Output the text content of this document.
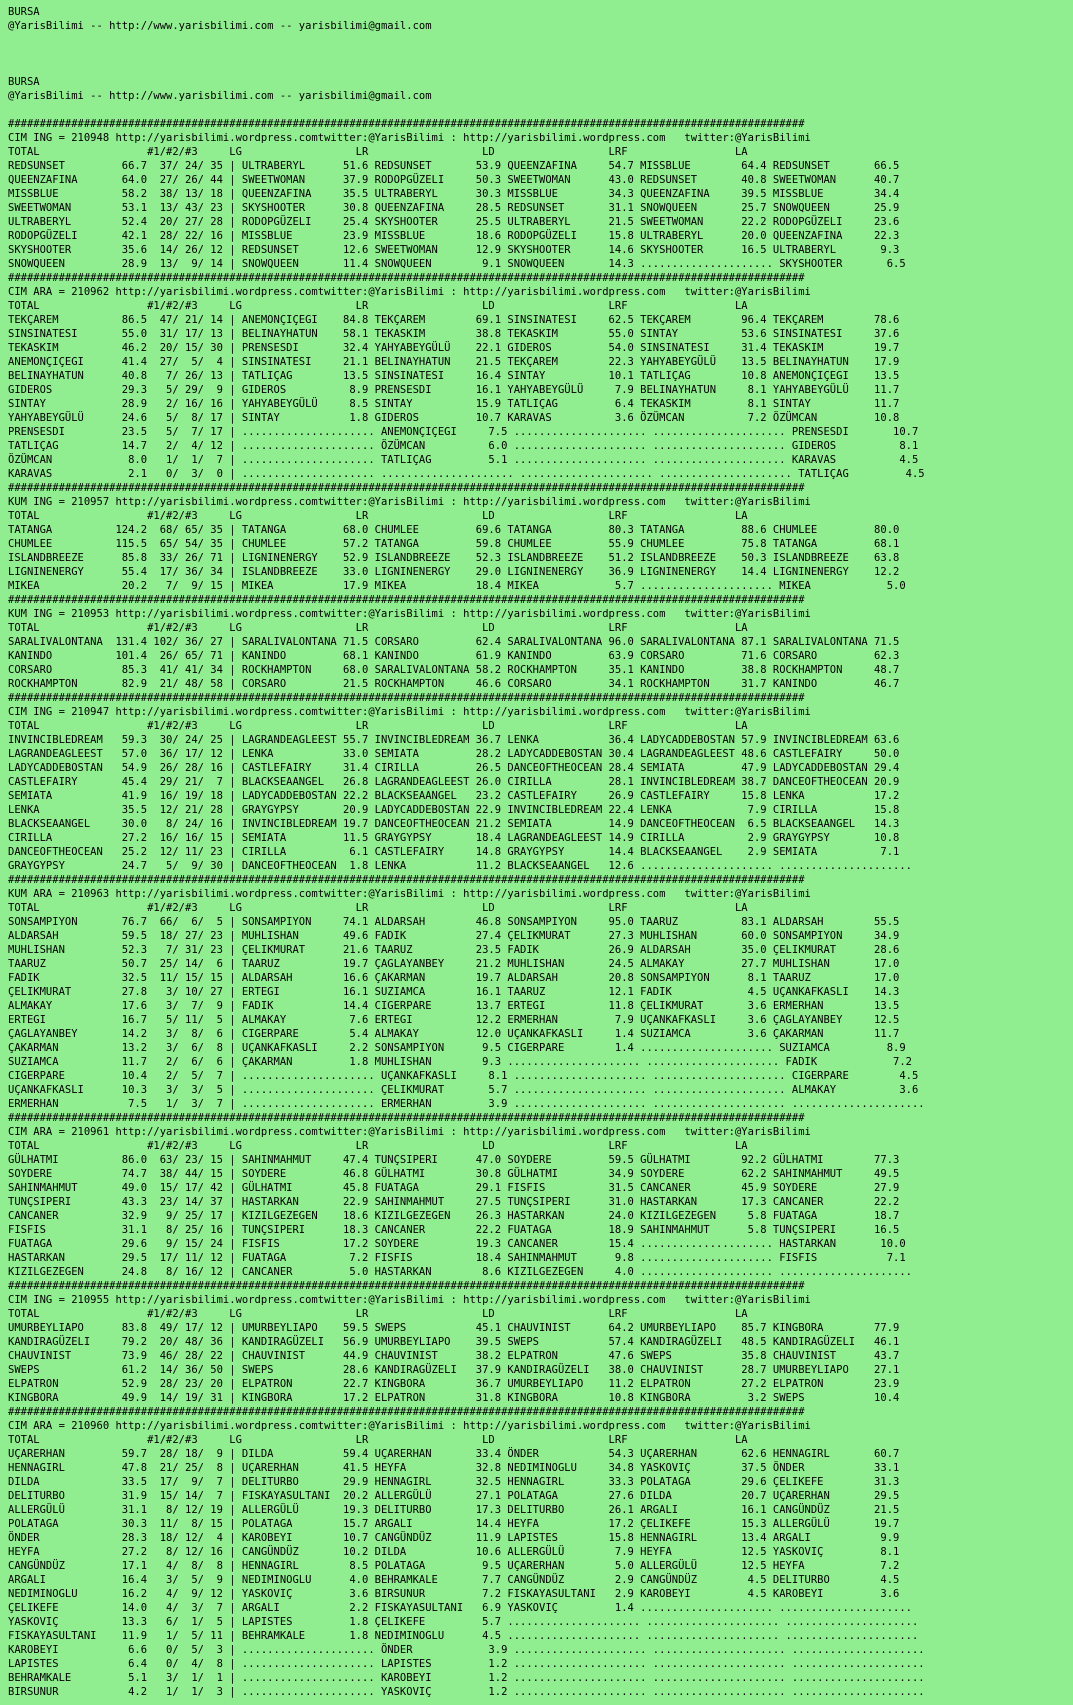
BURSA
@YarisBilimi -- http://www.yarisbilimi.com -- yarisbilimi@gmail.com
BURSA
@YarisBilimi -- http://www.yarisbilimi.com -- yarisbilimi@gmail.com
##############################################################################################################################
CIM ING = 210948 http://yarisbilimi.wordpress.comtwitter:@YarisBilimi : http://yarisbilimi.wordpress.com   twitter:@YarisBilimi
TOTAL                 #1/#2/#3     LG                  LR                  LD                  LRF                 LA
REDSUNSET         66.7  37/ 24/ 35 | ULTRABERYL      51.6 REDSUNSET       53.9 QUEENZAFINA     54.7 MISSBLUE        64.4 REDSUNSET       66.5
QUEENZAFINA       64.0  27/ 26/ 44 | SWEETWOMAN      37.9 RODOPGÜZELI     50.3 SWEETWOMAN      43.0 REDSUNSET       40.8 SWEETWOMAN      40.7
MISSBLUE          58.2  38/ 13/ 18 | QUEENZAFINA     35.5 ULTRABERYL      30.3 MISSBLUE        34.3 QUEENZAFINA     39.5 MISSBLUE        34.4
SWEETWOMAN        53.1  13/ 43/ 23 | SKYSHOOTER      30.8 QUEENZAFINA     28.5 REDSUNSET       31.1 SNOWQUEEN       25.7 SNOWQUEEN       25.9
ULTRABERYL        52.4  20/ 27/ 28 | RODOPGÜZELI     25.4 SKYSHOOTER      25.5 ULTRABERYL      21.5 SWEETWOMAN      22.2 RODOPGÜZELI     23.6
RODOPGÜZELI       42.1  28/ 22/ 16 | MISSBLUE        23.9 MISSBLUE        18.6 RODOPGÜZELI     15.8 ULTRABERYL      20.0 QUEENZAFINA     22.3
SKYSHOOTER        35.6  14/ 26/ 12 | REDSUNSET       12.6 SWEETWOMAN      12.9 SKYSHOOTER      14.6 SKYSHOOTER      16.5 ULTRABERYL       9.3
SNOWQUEEN         28.9  13/  9/ 14 | SNOWQUEEN       11.4 SNOWQUEEN        9.1 SNOWQUEEN       14.3 ..................... SKYSHOOTER       6.5
##############################################################################################################################
CIM ARA = 210962 http://yarisbilimi.wordpress.comtwitter:@YarisBilimi : http://yarisbilimi.wordpress.com   twitter:@YarisBilimi
TOTAL                 #1/#2/#3     LG                  LR                  LD                  LRF                 LA
TEKÇAREM          86.5  47/ 21/ 14 | ANEMONÇIÇEGI    84.8 TEKÇAREM        69.1 SINSINATESI     62.5 TEKÇAREM        96.4 TEKÇAREM        78.6
SINSINATESI       55.0  31/ 17/ 13 | BELINAYHATUN    58.1 TEKASKIM        38.8 TEKASKIM        55.0 SINTAY          53.6 SINSINATESI     37.6
TEKASKIM          46.2  20/ 15/ 30 | PRENSESDI       32.4 YAHYABEYGÜLÜ    22.1 GIDEROS         54.0 SINSINATESI     31.4 TEKASKIM        19.7
ANEMONÇIÇEGI      41.4  27/  5/  4 | SINSINATESI     21.1 BELINAYHATUN    21.5 TEKÇAREM        22.3 YAHYABEYGÜLÜ    13.5 BELINAYHATUN    17.9
BELINAYHATUN      40.8   7/ 26/ 13 | TATLIÇAG        13.5 SINSINATESI     16.4 SINTAY          10.1 TATLIÇAG        10.8 ANEMONÇIÇEGI    13.5
GIDEROS           29.3   5/ 29/  9 | GIDEROS          8.9 PRENSESDI       16.1 YAHYABEYGÜLÜ     7.9 BELINAYHATUN     8.1 YAHYABEYGÜLÜ    11.7
SINTAY            28.9   2/ 16/ 16 | YAHYABEYGÜLÜ     8.5 SINTAY          15.9 TATLIÇAG         6.4 TEKASKIM         8.1 SINTAY          11.7
YAHYABEYGÜLÜ      24.6   5/  8/ 17 | SINTAY           1.8 GIDEROS         10.7 KARAVAS          3.6 ÖZÜMCAN          7.2 ÖZÜMCAN         10.8
PRENSESDI         23.5   5/  7/ 17 | ..................... ANEMONÇIÇEGI     7.5 ..................... ..................... PRENSESDI       10.7
TATLIÇAG          14.7   2/  4/ 12 | ..................... ÖZÜMCAN          6.0 ..................... ..................... GIDEROS          8.1
ÖZÜMCAN            8.0   1/  1/  7 | ..................... TATLIÇAG         5.1 ..................... ..................... KARAVAS          4.5
KARAVAS            2.1   0/  3/  0 | ..................... ..................... ..................... ..................... TATLIÇAG         4.5
##############################################################################################################################
KUM ING = 210957 http://yarisbilimi.wordpress.comtwitter:@YarisBilimi : http://yarisbilimi.wordpress.com   twitter:@YarisBilimi
TOTAL                 #1/#2/#3     LG                  LR                  LD                  LRF                 LA
TATANGA          124.2  68/ 65/ 35 | TATANGA         68.0 CHUMLEE         69.6 TATANGA         80.3 TATANGA         88.6 CHUMLEE         80.0
CHUMLEE          115.5  65/ 54/ 35 | CHUMLEE         57.2 TATANGA         59.8 CHUMLEE         55.9 CHUMLEE         75.8 TATANGA         68.1
ISLANDBREEZE      85.8  33/ 26/ 71 | LIGNINENERGY    52.9 ISLANDBREEZE    52.3 ISLANDBREEZE    51.2 ISLANDBREEZE    50.3 ISLANDBREEZE    63.8
LIGNINENERGY      55.4  17/ 36/ 34 | ISLANDBREEZE    33.0 LIGNINENERGY    29.0 LIGNINENERGY    36.9 LIGNINENERGY    14.4 LIGNINENERGY    12.2
MIKEA             20.2   7/  9/ 15 | MIKEA           17.9 MIKEA           18.4 MIKEA            5.7 ..................... MIKEA            5.0
##############################################################################################################################
KUM ING = 210953 http://yarisbilimi.wordpress.comtwitter:@YarisBilimi : http://yarisbilimi.wordpress.com   twitter:@YarisBilimi
TOTAL                 #1/#2/#3     LG                  LR                  LD                  LRF                 LA
SARALIVALONTANA  131.4 102/ 36/ 27 | SARALIVALONTANA 71.5 CORSARO         62.4 SARALIVALONTANA 96.0 SARALIVALONTANA 87.1 SARALIVALONTANA 71.5
KANINDO          101.4  26/ 65/ 71 | KANINDO         68.1 KANINDO         61.9 KANINDO         63.9 CORSARO         71.6 CORSARO         62.3
CORSARO           85.3  41/ 41/ 34 | ROCKHAMPTON     68.0 SARALIVALONTANA 58.2 ROCKHAMPTON     35.1 KANINDO         38.8 ROCKHAMPTON     48.7
ROCKHAMPTON       82.9  21/ 48/ 58 | CORSARO         21.5 ROCKHAMPTON     46.6 CORSARO         34.1 ROCKHAMPTON     31.7 KANINDO         46.7
##############################################################################################################################
CIM ING = 210947 http://yarisbilimi.wordpress.comtwitter:@YarisBilimi : http://yarisbilimi.wordpress.com   twitter:@YarisBilimi
TOTAL                 #1/#2/#3     LG                  LR                  LD                  LRF                 LA
INVINCIBLEDREAM   59.3  30/ 24/ 25 | LAGRANDEAGLEEST 55.7 INVINCIBLEDREAM 36.7 LENKA           36.4 LADYCADDEBOSTAN 57.9 INVINCIBLEDREAM 63.6
LAGRANDEAGLEEST   57.0  36/ 17/ 12 | LENKA           33.0 SEMIATA         28.2 LADYCADDEBOSTAN 30.4 LAGRANDEAGLEEST 48.6 CASTLEFAIRY     50.0
LADYCADDEBOSTAN   54.9  26/ 28/ 16 | CASTLEFAIRY     31.4 CIRILLA         26.5 DANCEOFTHEOCEAN 28.4 SEMIATA         47.9 LADYCADDEBOSTAN 29.4
CASTLEFAIRY       45.4  29/ 21/  7 | BLACKSEAANGEL   26.8 LAGRANDEAGLEEST 26.0 CIRILLA         28.1 INVINCIBLEDREAM 38.7 DANCEOFTHEOCEAN 20.9
SEMIATA           41.9  16/ 19/ 18 | LADYCADDEBOSTAN 22.2 BLACKSEAANGEL   23.2 CASTLEFAIRY     26.9 CASTLEFAIRY     15.8 LENKA           17.2
LENKA             35.5  12/ 21/ 28 | GRAYGYPSY       20.9 LADYCADDEBOSTAN 22.9 INVINCIBLEDREAM 22.4 LENKA            7.9 CIRILLA         15.8
BLACKSEAANGEL     30.0   8/ 24/ 16 | INVINCIBLEDREAM 19.7 DANCEOFTHEOCEAN 21.2 SEMIATA         14.9 DANCEOFTHEOCEAN  6.5 BLACKSEAANGEL   14.3
CIRILLA           27.2  16/ 16/ 15 | SEMIATA         11.5 GRAYGYPSY       18.4 LAGRANDEAGLEEST 14.9 CIRILLA          2.9 GRAYGYPSY       10.8
DANCEOFTHEOCEAN   25.2  12/ 11/ 23 | CIRILLA          6.1 CASTLEFAIRY     14.8 GRAYGYPSY       14.4 BLACKSEAANGEL    2.9 SEMIATA          7.1
GRAYGYPSY         24.7   5/  9/ 30 | DANCEOFTHEOCEAN  1.8 LENKA           11.2 BLACKSEAANGEL   12.6 ..................... .....................
##############################################################################################################################
KUM ARA = 210963 http://yarisbilimi.wordpress.comtwitter:@YarisBilimi : http://yarisbilimi.wordpress.com   twitter:@YarisBilimi
TOTAL                 #1/#2/#3     LG                  LR                  LD                  LRF                 LA
SONSAMPIYON       76.7  66/  6/  5 | SONSAMPIYON     74.1 ALDARSAH        46.8 SONSAMPIYON     95.0 TAARUZ          83.1 ALDARSAH        55.5
ALDARSAH          59.5  18/ 27/ 23 | MUHLISHAN       49.6 FADIK           27.4 ÇELIKMURAT      27.3 MUHLISHAN       60.0 SONSAMPIYON     34.9
MUHLISHAN         52.3   7/ 31/ 23 | ÇELIKMURAT      21.6 TAARUZ          23.5 FADIK           26.9 ALDARSAH        35.0 ÇELIKMURAT      28.6
TAARUZ            50.7  25/ 14/  6 | TAARUZ          19.7 ÇAGLAYANBEY     21.2 MUHLISHAN       24.5 ALMAKAY         27.7 MUHLISHAN       17.0
FADIK             32.5  11/ 15/ 15 | ALDARSAH        16.6 ÇAKARMAN        19.7 ALDARSAH        20.8 SONSAMPIYON      8.1 TAARUZ          17.0
ÇELIKMURAT        27.8   3/ 10/ 27 | ERTEGI          16.1 SUZIAMCA        16.1 TAARUZ          12.1 FADIK            4.5 UÇANKAFKASLI    14.3
ALMAKAY           17.6   3/  7/  9 | FADIK           14.4 CIGERPARE       13.7 ERTEGI          11.8 ÇELIKMURAT       3.6 ERMERHAN        13.5
ERTEGI            16.7   5/ 11/  5 | ALMAKAY          7.6 ERTEGI          12.2 ERMERHAN         7.9 UÇANKAFKASLI     3.6 ÇAGLAYANBEY     12.5
ÇAGLAYANBEY       14.2   3/  8/  6 | CIGERPARE        5.4 ALMAKAY         12.0 UÇANKAFKASLI     1.4 SUZIAMCA         3.6 ÇAKARMAN        11.7
ÇAKARMAN          13.2   3/  6/  8 | UÇANKAFKASLI     2.2 SONSAMPIYON      9.5 CIGERPARE        1.4 ..................... SUZIAMCA         8.9
SUZIAMCA          11.7   2/  6/  6 | ÇAKARMAN         1.8 MUHLISHAN        9.3 ..................... ..................... FADIK            7.2
CIGERPARE         10.4   2/  5/  7 | ..................... UÇANKAFKASLI     8.1 ..................... ..................... CIGERPARE        4.5
UÇANKAFKASLI      10.3   3/  3/  5 | ..................... ÇELIKMURAT       5.7 ..................... ..................... ALMAKAY          3.6
ERMERHAN           7.5   1/  3/  7 | ..................... ERMERHAN         3.9 ..................... ..................... .....................
##############################################################################################################################
CIM ARA = 210961 http://yarisbilimi.wordpress.comtwitter:@YarisBilimi : http://yarisbilimi.wordpress.com   twitter:@YarisBilimi
TOTAL                 #1/#2/#3     LG                  LR                  LD                  LRF                 LA
GÜLHATMI          86.0  63/ 23/ 15 | SAHINMAHMUT     47.4 TUNÇSIPERI      47.0 SOYDERE         59.5 GÜLHATMI        92.2 GÜLHATMI        77.3
SOYDERE           74.7  38/ 44/ 15 | SOYDERE         46.8 GÜLHATMI        30.8 GÜLHATMI        34.9 SOYDERE         62.2 SAHINMAHMUT     49.5
SAHINMAHMUT       49.0  15/ 17/ 42 | GÜLHATMI        45.8 FUATAGA         29.1 FISFIS          31.5 CANCANER        45.9 SOYDERE         27.9
TUNÇSIPERI        43.3  23/ 14/ 37 | HASTARKAN       22.9 SAHINMAHMUT     27.5 TUNÇSIPERI      31.0 HASTARKAN       17.3 CANCANER        22.2
CANCANER          32.9   9/ 25/ 17 | KIZILGEZEGEN    18.6 KIZILGEZEGEN    26.3 HASTARKAN       24.0 KIZILGEZEGEN     5.8 FUATAGA         18.7
FISFIS            31.1   8/ 25/ 16 | TUNÇSIPERI      18.3 CANCANER        22.2 FUATAGA         18.9 SAHINMAHMUT      5.8 TUNÇSIPERI      16.5
FUATAGA           29.6   9/ 15/ 24 | FISFIS          17.2 SOYDERE         19.3 CANCANER        15.4 ..................... HASTARKAN       10.0
HASTARKAN         29.5  17/ 11/ 12 | FUATAGA          7.2 FISFIS          18.4 SAHINMAHMUT      9.8 ..................... FISFIS           7.1
KIZILGEZEGEN      24.8   8/ 16/ 12 | CANCANER         5.0 HASTARKAN        8.6 KIZILGEZEGEN     4.0 ..................... .....................
##############################################################################################################################
CIM ING = 210955 http://yarisbilimi.wordpress.comtwitter:@YarisBilimi : http://yarisbilimi.wordpress.com   twitter:@YarisBilimi
TOTAL                 #1/#2/#3     LG                  LR                  LD                  LRF                 LA
UMURBEYLIAPO      83.8  49/ 17/ 12 | UMURBEYLIAPO    59.5 SWEPS           45.1 CHAUVINIST      64.2 UMURBEYLIAPO    85.7 KINGBORA        77.9
KANDIRAGÜZELI     79.2  20/ 48/ 36 | KANDIRAGÜZELI   56.9 UMURBEYLIAPO    39.5 SWEPS           57.4 KANDIRAGÜZELI   48.5 KANDIRAGÜZELI   46.1
CHAUVINIST        73.9  46/ 28/ 22 | CHAUVINIST      44.9 CHAUVINIST      38.2 ELPATRON        47.6 SWEPS           35.8 CHAUVINIST      43.7
SWEPS             61.2  14/ 36/ 50 | SWEPS           28.6 KANDIRAGÜZELI   37.9 KANDIRAGÜZELI   38.0 CHAUVINIST      28.7 UMURBEYLIAPO    27.1
ELPATRON          52.9  28/ 23/ 20 | ELPATRON        22.7 KINGBORA        36.7 UMURBEYLIAPO    11.2 ELPATRON        27.2 ELPATRON        23.9
KINGBORA          49.9  14/ 19/ 31 | KINGBORA        17.2 ELPATRON        31.8 KINGBORA        10.8 KINGBORA         3.2 SWEPS           10.4
##############################################################################################################################
CIM ARA = 210960 http://yarisbilimi.wordpress.comtwitter:@YarisBilimi : http://yarisbilimi.wordpress.com   twitter:@YarisBilimi
TOTAL                 #1/#2/#3     LG                  LR                  LD                  LRF                 LA
UÇARERHAN         59.7  28/ 18/  9 | DILDA           59.4 UÇARERHAN       33.4 ÖNDER           54.3 UÇARERHAN       62.6 HENNAGIRL       60.7
HENNAGIRL         47.8  21/ 25/  8 | UÇARERHAN       41.5 HEYFA           32.8 NEDIMINOGLU     34.8 YASKOVIÇ        37.5 ÖNDER           33.1
DILDA             33.5  17/  9/  7 | DELITURBO       29.9 HENNAGIRL       32.5 HENNAGIRL       33.3 POLATAGA        29.6 ÇELIKEFE        31.3
DELITURBO         31.9  15/ 14/  7 | FISKAYASULTANI  20.2 ALLERGÜLÜ       27.1 POLATAGA        27.6 DILDA           20.7 UÇARERHAN       29.5
ALLERGÜLÜ         31.1   8/ 12/ 19 | ALLERGÜLÜ       19.3 DELITURBO       17.3 DELITURBO       26.1 ARGALI          16.1 CANGÜNDÜZ       21.5
POLATAGA          30.3  11/  8/ 15 | POLATAGA        15.7 ARGALI          14.4 HEYFA           17.2 ÇELIKEFE        15.3 ALLERGÜLÜ       19.7
ÖNDER             28.3  18/ 12/  4 | KAROBEYI        10.7 CANGÜNDÜZ       11.9 LAPISTES        15.8 HENNAGIRL       13.4 ARGALI           9.9
HEYFA             27.2   8/ 12/ 16 | CANGÜNDÜZ       10.2 DILDA           10.6 ALLERGÜLÜ        7.9 HEYFA           12.5 YASKOVIÇ         8.1
CANGÜNDÜZ         17.1   4/  8/  8 | HENNAGIRL        8.5 POLATAGA         9.5 UÇARERHAN        5.0 ALLERGÜLÜ       12.5 HEYFA            7.2
ARGALI            16.4   3/  5/  9 | NEDIMINOGLU      4.0 BEHRAMKALE       7.7 CANGÜNDÜZ        2.9 CANGÜNDÜZ        4.5 DELITURBO        4.5
NEDIMINOGLU       16.2   4/  9/ 12 | YASKOVIÇ         3.6 BIRSUNUR         7.2 FISKAYASULTANI   2.9 KAROBEYI         4.5 KAROBEYI         3.6
ÇELIKEFE          14.0   4/  3/  7 | ARGALI           2.2 FISKAYASULTANI   6.9 YASKOVIÇ         1.4 ..................... .....................
YASKOVIÇ          13.3   6/  1/  5 | LAPISTES         1.8 ÇELIKEFE         5.7 ..................... ..................... .....................
FISKAYASULTANI    11.9   1/  5/ 11 | BEHRAMKALE       1.8 NEDIMINOGLU      4.5 ..................... ..................... .....................
KAROBEYI           6.6   0/  5/  3 | ..................... ÖNDER            3.9 ..................... ..................... .....................
LAPISTES           6.4   0/  4/  8 | ..................... LAPISTES         1.2 ..................... ..................... .....................
BEHRAMKALE         5.1   3/  1/  1 | ..................... KAROBEYI         1.2 ..................... ..................... .....................
BIRSUNUR           4.2   1/  1/  3 | ..................... YASKOVIÇ         1.2 ..................... ..................... .....................
